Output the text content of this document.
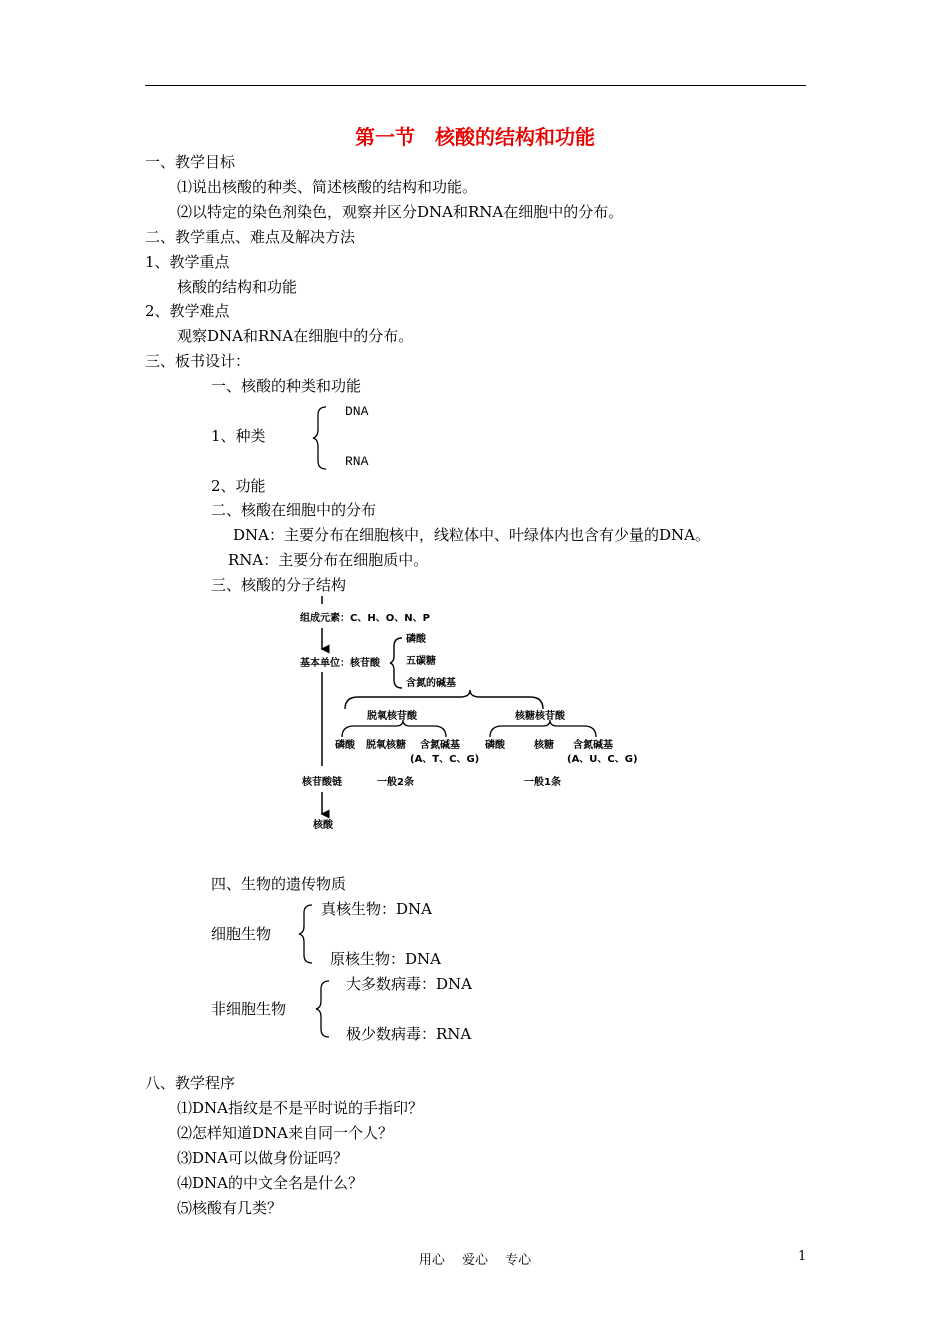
第一节　核酸的结构和功能
一、教学目标
⑴说出核酸的种类、简述核酸的结构和功能。
⑵以特定的染色剂染色，观察并区分DNA和RNA在细胞中的分布。
二、教学重点、难点及解决方法
1、教学重点
核酸的结构和功能
2、教学难点
观察DNA和RNA在细胞中的分布。
三、板书设计：
一、核酸的种类和功能
DNA
1、种类
RNA
2、功能
二、核酸在细胞中的分布
DNA：主要分布在细胞核中，线粒体中、叶绿体内也含有少量的DNA。
RNA：主要分布在细胞质中。
三、核酸的分子结构
组成元素：C、H、O、N、P
基本单位：核苷酸
磷酸
五碳糖
含氮的碱基
脱氧核苷酸	核糖核苷酸
磷酸 脱氧核糖 含氮碱基
(A、T、C、G)
磷酸	核糖 含氮碱基
(A、U、C、G)
核苷酸链	一般2条	一般1条
核酸
四、生物的遗传物质
真核生物：DNA
细胞生物
原核生物：DNA
大多数病毒：DNA
非细胞生物
极少数病毒：RNA
八、教学程序
⑴DNA指纹是不是平时说的手指印？
⑵怎样知道DNA来自同一个人？
⑶DNA可以做身份证吗？
⑷DNA的中文全名是什么？
⑸核酸有几类？
用心　 爱心　 专心	1
